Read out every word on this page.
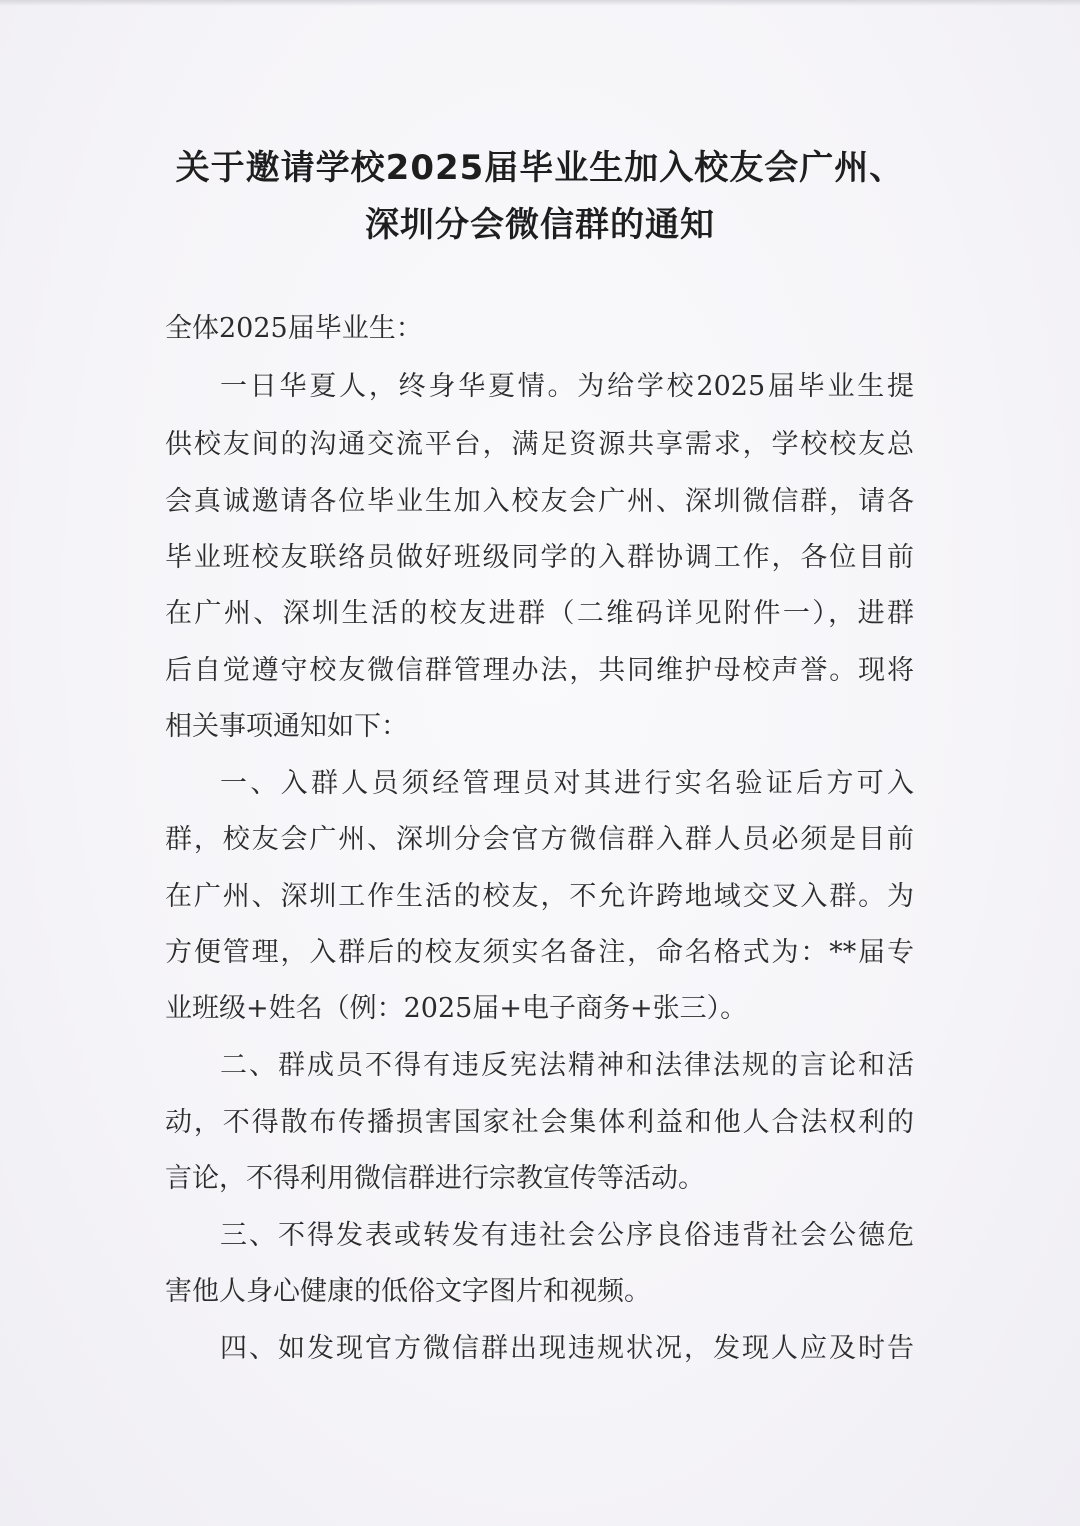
关于邀请学校2025届毕业生加入校友会广州、
深圳分会微信群的通知
全体2025届毕业生：
一日华夏人，终身华夏情。为给学校2025届毕业生提
供校友间的沟通交流平台，满足资源共享需求，学校校友总
会真诚邀请各位毕业生加入校友会广州、深圳微信群，请各
毕业班校友联络员做好班级同学的入群协调工作，各位目前
在广州、深圳生活的校友进群（二维码详见附件一），进群
后自觉遵守校友微信群管理办法，共同维护母校声誉。现将
相关事项通知如下：
一、入群人员须经管理员对其进行实名验证后方可入
群，校友会广州、深圳分会官方微信群入群人员必须是目前
在广州、深圳工作生活的校友，不允许跨地域交叉入群。为
方便管理，入群后的校友须实名备注，命名格式为：**届专
业班级+姓名（例：2025届+电子商务+张三）。
二、群成员不得有违反宪法精神和法律法规的言论和活
动，不得散布传播损害国家社会集体利益和他人合法权利的
言论，不得利用微信群进行宗教宣传等活动。
三、不得发表或转发有违社会公序良俗违背社会公德危
害他人身心健康的低俗文字图片和视频。
四、如发现官方微信群出现违规状况，发现人应及时告
